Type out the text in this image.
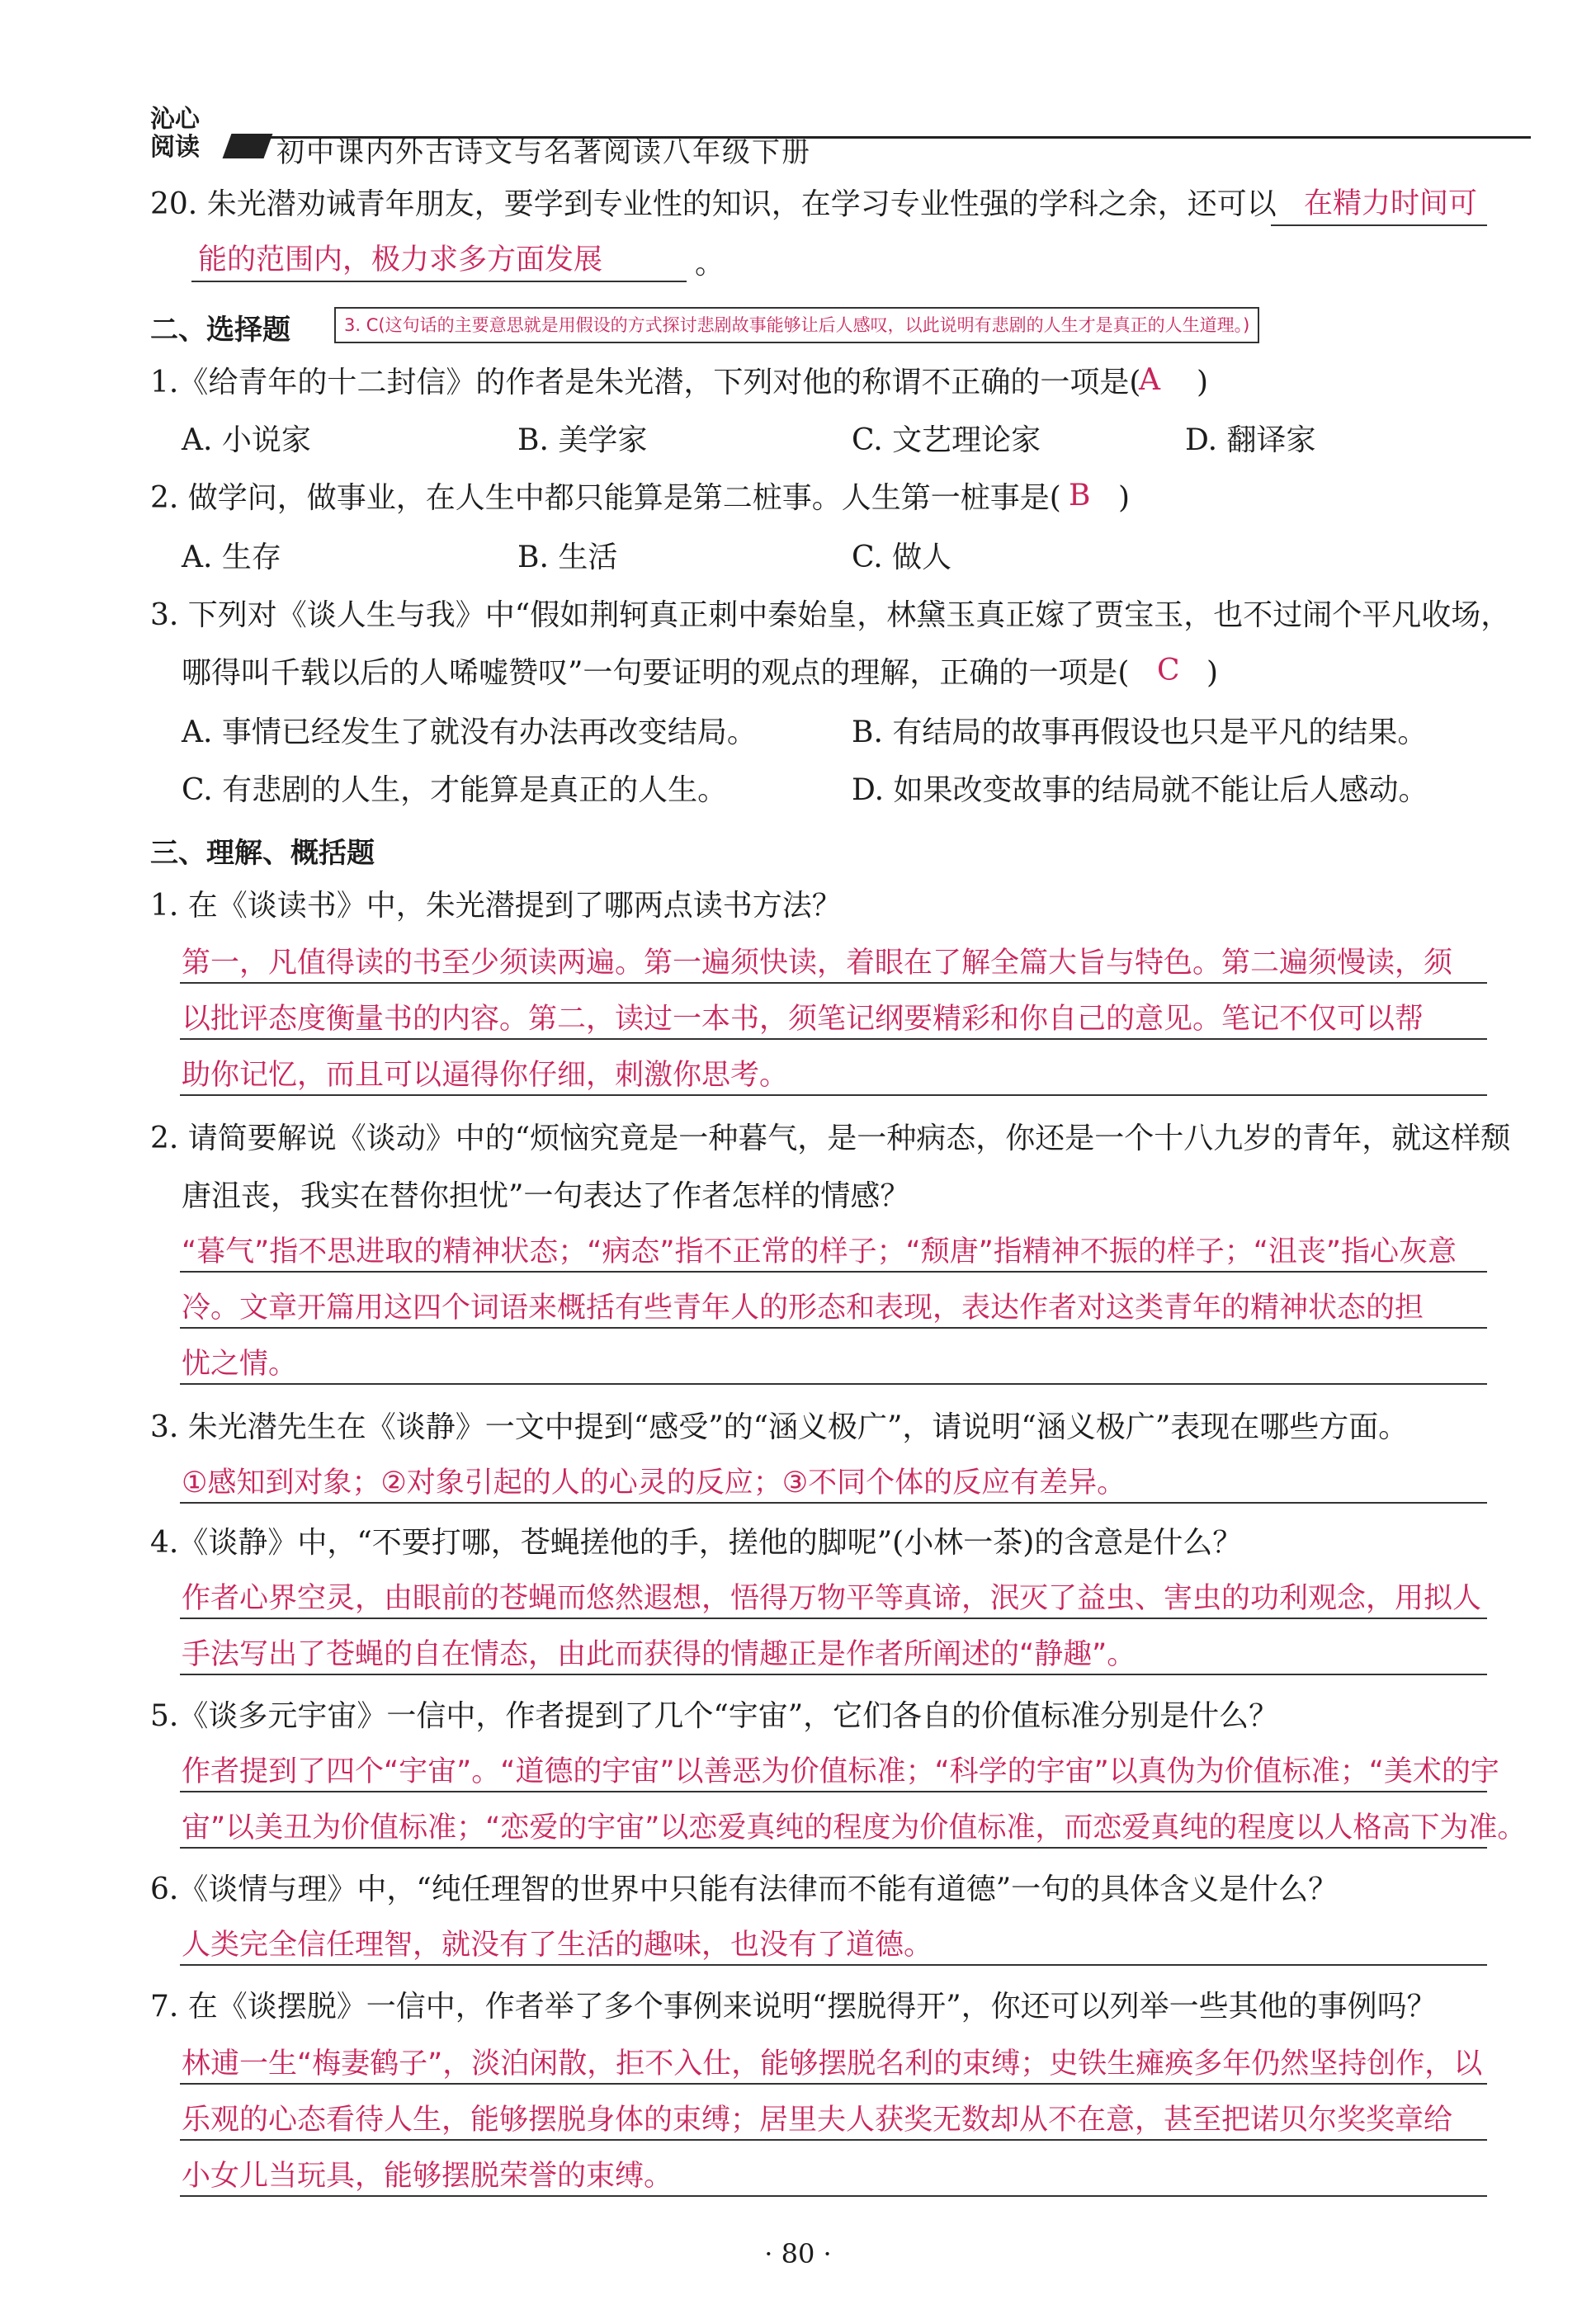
沁心
阅读	初中课内外古诗文与名著阅读八年级下册
20. 朱光潜劝诫青年朋友，要学到专业性的知识，在学习专业性强的学科之余，还可以 在精力时间可
能的范围内，极力求多方面发展	。
二、选择题	3. C(这句话的主要意思就是用假设的方式探讨悲剧故事能够让后人感叹，以此说明有悲剧的人生才是真正的人生道理。)
1.《给青年的十二封信》的作者是朱光潜，下列对他的称谓不正确的一项是(
A )
A. 小说家	B. 美学家	C. 文艺理论家	D. 翻译家
2. 做学问，做事业，在人生中都只能算是第二桩事。人生第一桩事是( B )
A. 生存	B. 生活	C. 做人
3. 下列对《谈人生与我》中“假如荆轲真正刺中秦始皇，林黛玉真正嫁了贾宝玉，也不过闹个平凡收场，
哪得叫千载以后的人唏嘘赞叹”一句要证明的观点的理解，正确的一项是( C )
A. 事情已经发生了就没有办法再改变结局。	B. 有结局的故事再假设也只是平凡的结果。
C. 有悲剧的人生，才能算是真正的人生。	D. 如果改变故事的结局就不能让后人感动。
三、理解、概括题
1. 在《谈读书》中，朱光潜提到了哪两点读书方法？
第一，凡值得读的书至少须读两遍。第一遍须快读，着眼在了解全篇大旨与特色。第二遍须慢读，须
以批评态度衡量书的内容。第二，读过一本书，须笔记纲要精彩和你自己的意见。笔记不仅可以帮
助你记忆，而且可以逼得你仔细，刺激你思考。
2. 请简要解说《谈动》中的“烦恼究竟是一种暮气，是一种病态，你还是一个十八九岁的青年，就这样颓
唐沮丧，我实在替你担忧”一句表达了作者怎样的情感？
“暮气”指不思进取的精神状态；“病态”指不正常的样子；“颓唐”指精神不振的样子；“沮丧”指心灰意
冷。文章开篇用这四个词语来概括有些青年人的形态和表现，表达作者对这类青年的精神状态的担
忧之情。
3. 朱光潜先生在《谈静》一文中提到“感受”的“涵义极广”，请说明“涵义极广”表现在哪些方面。
①感知到对象；②对象引起的人的心灵的反应；③不同个体的反应有差异。
4.《谈静》中，“不要打哪，苍蝇搓他的手，搓他的脚呢”(小林一茶)的含意是什么？
作者心界空灵，由眼前的苍蝇而悠然遐想，悟得万物平等真谛，泯灭了益虫、害虫的功利观念，用拟人
手法写出了苍蝇的自在情态，由此而获得的情趣正是作者所阐述的“静趣”。
5.《谈多元宇宙》一信中，作者提到了几个“宇宙”，它们各自的价值标准分别是什么？
作者提到了四个“宇宙”。“道德的宇宙”以善恶为价值标准；“科学的宇宙”以真伪为价值标准；“美术的宇
宙”以美丑为价值标准；“恋爱的宇宙”以恋爱真纯的程度为价值标准，而恋爱真纯的程度以人格高下为准。
6.《谈情与理》中，“纯任理智的世界中只能有法律而不能有道德”一句的具体含义是什么？
人类完全信任理智，就没有了生活的趣味，也没有了道德。
7. 在《谈摆脱》一信中，作者举了多个事例来说明“摆脱得开”，你还可以列举一些其他的事例吗？
林逋一生“梅妻鹤子”，淡泊闲散，拒不入仕，能够摆脱名利的束缚；史铁生瘫痪多年仍然坚持创作，以
乐观的心态看待人生，能够摆脱身体的束缚；居里夫人获奖无数却从不在意，甚至把诺贝尔奖奖章给
小女儿当玩具，能够摆脱荣誉的束缚。
· 80 ·
